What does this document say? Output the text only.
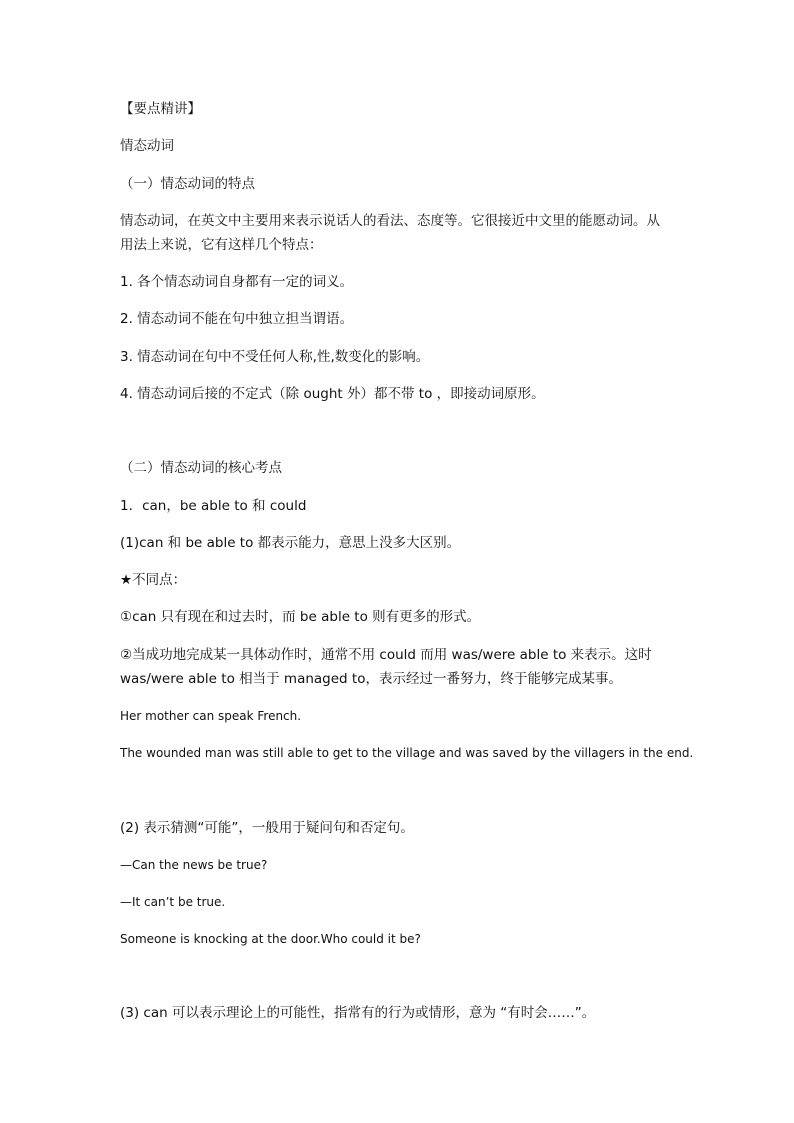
【要点精讲】

情态动词

（一）情态动词的特点

情态动词，在英文中主要用来表示说话人的看法、态度等。它很接近中文里的能愿动词。从

用法上来说，它有这样几个特点：

1. 各个情态动词自身都有一定的词义。

2. 情态动词不能在句中独立担当谓语。

3. 情态动词在句中不受任何人称,性,数变化的影响。

4. 情态动词后接的不定式（除 ought 外）都不带 to ，即接动词原形。

（二）情态动词的核心考点

1．can，be able to 和 could

(1)can 和 be able to 都表示能力，意思上没多大区别。

★不同点：

①can 只有现在和过去时，而 be able to 则有更多的形式。

②当成功地完成某一具体动作时，通常不用 could 而用 was/were able to 来表示。这时

was/were able to 相当于 managed to，表示经过一番努力，终于能够完成某事。

Her mother can speak French.

The wounded man was still able to get to the village and was saved by the villagers in the end.

(2) 表示猜测“可能”，一般用于疑问句和否定句。

—Can the news be true?

—It can’t be true.

Someone is knocking at the door.Who could it be?

(3) can 可以表示理论上的可能性，指常有的行为或情形，意为 “有时会……”。
